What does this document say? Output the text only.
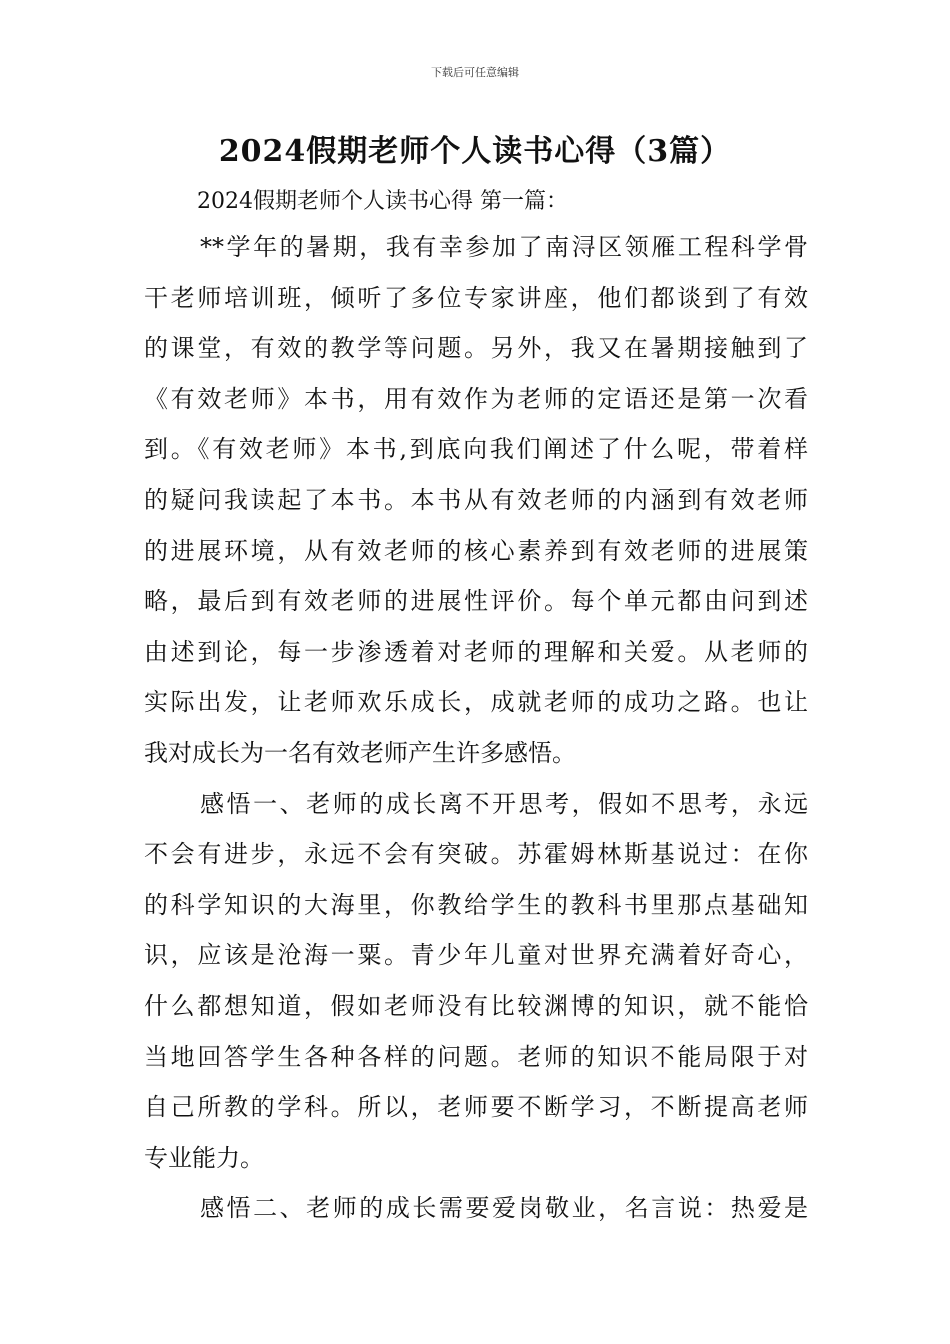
下载后可任意编辑
2024假期老师个人读书心得（3篇）
2024假期老师个人读书心得 第一篇：
**学年的暑期，我有幸参加了南浔区领雁工程科学骨
干老师培训班，倾听了多位专家讲座，他们都谈到了有效
的课堂，有效的教学等问题。另外，我又在暑期接触到了
《有效老师》本书，用有效作为老师的定语还是第一次看
到。《有效老师》本书,到底向我们阐述了什么呢，带着样
的疑问我读起了本书。本书从有效老师的内涵到有效老师
的进展环境，从有效老师的核心素养到有效老师的进展策
略，最后到有效老师的进展性评价。每个单元都由问到述
由述到论，每一步渗透着对老师的理解和关爱。从老师的
实际出发，让老师欢乐成长，成就老师的成功之路。也让
我对成长为一名有效老师产生许多感悟。
感悟一、老师的成长离不开思考，假如不思考，永远
不会有进步，永远不会有突破。苏霍姆林斯基说过：在你
的科学知识的大海里，你教给学生的教科书里那点基础知
识，应该是沧海一粟。青少年儿童对世界充满着好奇心，
什么都想知道，假如老师没有比较渊博的知识，就不能恰
当地回答学生各种各样的问题。老师的知识不能局限于对
自己所教的学科。所以，老师要不断学习，不断提高老师
专业能力。
感悟二、老师的成长需要爱岗敬业，名言说：热爱是
